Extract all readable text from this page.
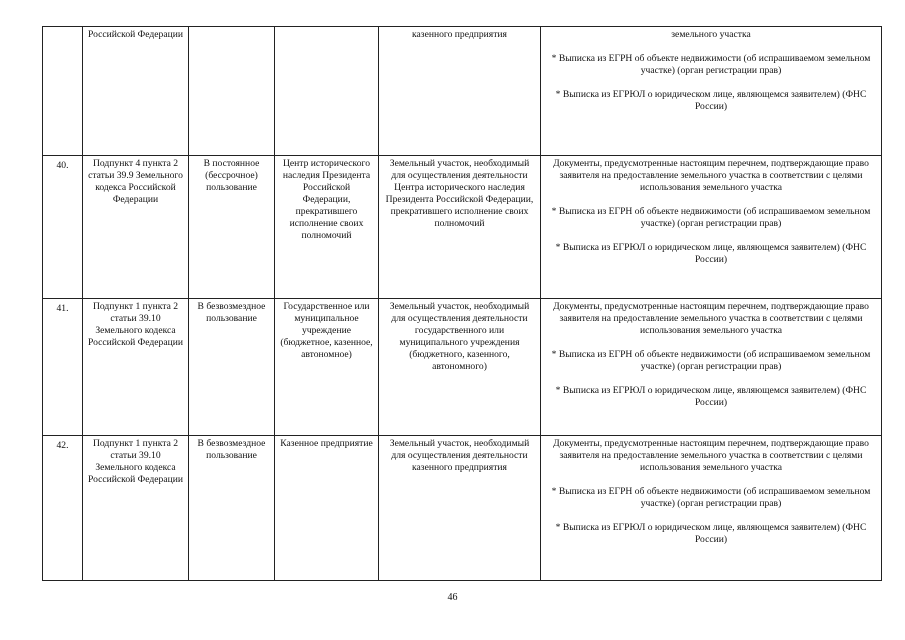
	Российской Федерации			казенного предприятия	земельного участка

* Выписка из ЕГРН об объекте недвижимости (об испрашиваемом земельном участке) (орган регистрации прав)

* Выписка из ЕГРЮЛ о юридическом лице, являющемся заявителем) (ФНС России)

40.	Подпункт 4 пункта 2 статьи 39.9 Земельного кодекса Российской Федерации	В постоянное (бессрочное) пользование	Центр исторического наследия Президента Российской Федерации, прекратившего исполнение своих полномочий	Земельный участок, необходимый для осуществления деятельности Центра исторического наследия Президента Российской Федерации, прекратившего исполнение своих полномочий	Документы, предусмотренные настоящим перечнем, подтверждающие право заявителя на предоставление земельного участка в соответствии с целями использования земельного участка

* Выписка из ЕГРН об объекте недвижимости (об испрашиваемом земельном участке) (орган регистрации прав)

* Выписка из ЕГРЮЛ о юридическом лице, являющемся заявителем) (ФНС России)

41.	Подпункт 1 пункта 2 статьи 39.10 Земельного кодекса Российской Федерации	В безвозмездное пользование	Государственное или муниципальное учреждение (бюджетное, казенное, автономное)	Земельный участок, необходимый для осуществления деятельности государственного или муниципального учреждения (бюджетного, казенного, автономного)	Документы, предусмотренные настоящим перечнем, подтверждающие право заявителя на предоставление земельного участка в соответствии с целями использования земельного участка

* Выписка из ЕГРН об объекте недвижимости (об испрашиваемом земельном участке) (орган регистрации прав)

* Выписка из ЕГРЮЛ о юридическом лице, являющемся заявителем) (ФНС России)

42.	Подпункт 1 пункта 2 статьи 39.10 Земельного кодекса Российской Федерации	В безвозмездное пользование	Казенное предприятие	Земельный участок, необходимый для осуществления деятельности казенного предприятия	Документы, предусмотренные настоящим перечнем, подтверждающие право заявителя на предоставление земельного участка в соответствии с целями использования земельного участка

* Выписка из ЕГРН об объекте недвижимости (об испрашиваемом земельном участке) (орган регистрации прав)

* Выписка из ЕГРЮЛ о юридическом лице, являющемся заявителем) (ФНС России)

46
